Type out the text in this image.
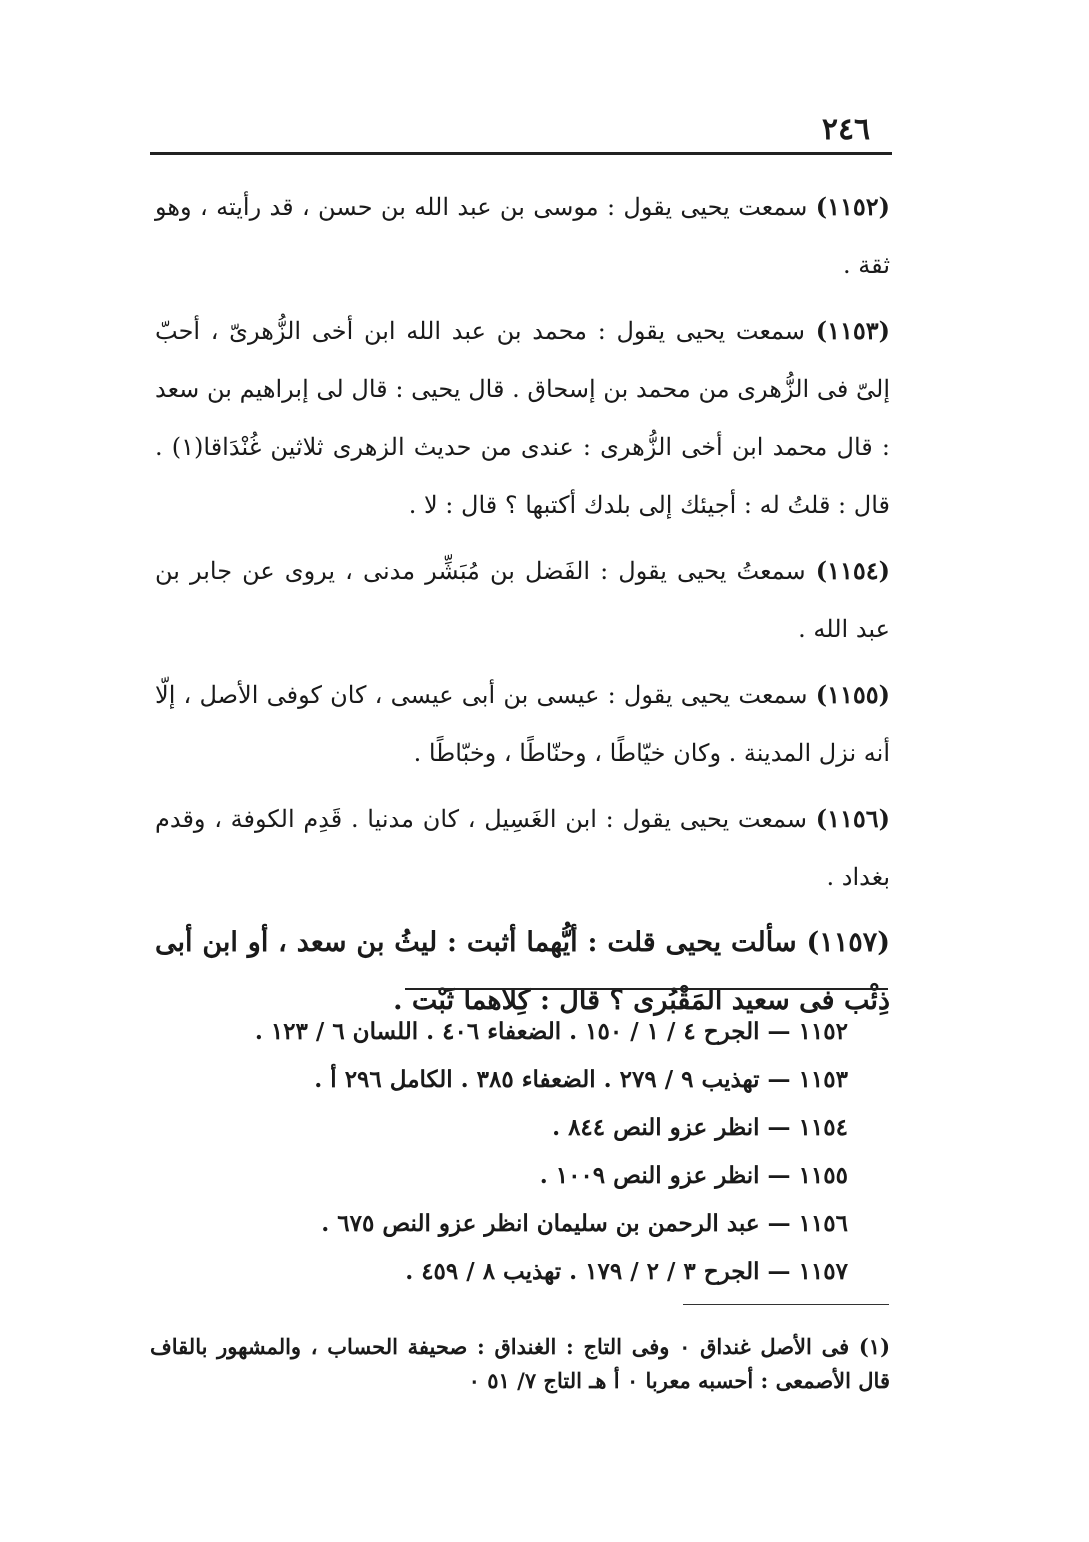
٢٤٦

(١١٥٢) سمعت يحيى يقول : موسى بن عبد الله بن حسن ، قد رأيته ، وهو ثقة .

(١١٥٣) سمعت يحيى يقول : محمد بن عبد الله ابن أخى الزُّهرىّ ، أحبّ إلىّ فى الزُّهرى من محمد بن إسحاق . قال يحيى : قال لى إبراهيم بن سعد : قال محمد ابن أخى الزُّهرى : عندى من حديث الزهرى ثلاثين غُنْدَاقا(١) . قال : قلتُ له : أجيئك إلى بلدك أكتبها ؟ قال : لا .

(١١٥٤) سمعتُ يحيى يقول : الفَضل بن مُبَشِّر مدنى ، يروى عن جابر بن عبد الله .

(١١٥٥) سمعت يحيى يقول : عيسى بن أبى عيسى ، كان كوفى الأصل ، إلّا أنه نزل المدينة . وكان خيّاطًا ، وحنّاطًا ، وخبّاطًا .

(١١٥٦) سمعت يحيى يقول : ابن الغَسِيل ، كان مدنيا . قَدِم الكوفة ، وقدم بغداد .

(١١٥٧) سألت يحيى قلت : أيُّهما أثبت : ليثُ بن سعد ، أو ابن أبى ذِئْب فى سعيد المَقْبُرى ؟ قال : كِلاهما ثَبْت .

١١٥٢ — الجرح ٤ / ١ / ١٥٠ . الضعفاء ٤٠٦ . اللسان ٦ / ١٢٣ .
١١٥٣ — تهذيب ٩ / ٢٧٩ . الضعفاء ٣٨٥ . الكامل ٢٩٦ أ .
١١٥٤ — انظر عزو النص ٨٤٤ .
١١٥٥ — انظر عزو النص ١٠٠٩ .
١١٥٦ — عبد الرحمن بن سليمان انظر عزو النص ٦٧٥ .
١١٥٧ — الجرح ٣ / ٢ / ١٧٩ . تهذيب ٨ / ٤٥٩ .
(١) فى الأصل غنداق ٠ وفى التاج : الغنداق : صحيفة الحساب ، والمشهور بالقاف قال الأصمعى : أحسبه معربا ٠ أ هـ التاج ٧/ ٥١ ٠
